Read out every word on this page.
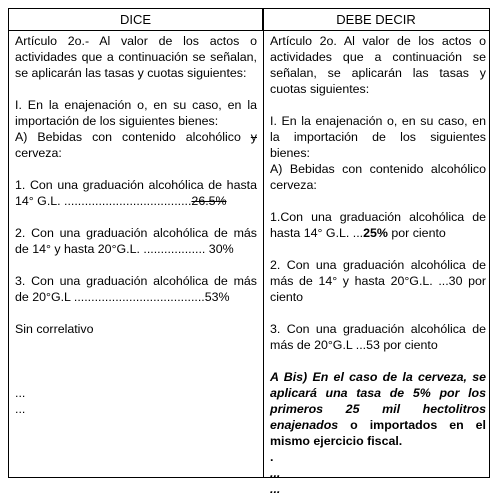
DICE	DEBE DECIR

Artículo 2o.- Al valor de los actos o actividades que a continuación se señalan, se aplicarán las tasas y cuotas siguientes:

I. En la enajenación o, en su caso, en la importación de los siguientes bienes:

A) Bebidas con contenido alcohólico y cerveza:

1. Con una graduación alcohólica de hasta 14° G.L. .....................................26.5%

2. Con una graduación alcohólica de más de 14° y hasta 20°G.L. .................. 30%

3. Con una graduación alcohólica de más de 20°G.L ......................................53%

Sin correlativo

...

...

Artículo 2o. Al valor de los actos o actividades que a continuación se señalan, se aplicarán las tasas y cuotas siguientes:

I. En la enajenación o, en su caso, en la importación de los siguientes bienes:

A) Bebidas con contenido alcohólico cerveza:

1.Con una graduación alcohólica de hasta 14° G.L. ...25% por ciento

2. Con una graduación alcohólica de más de 14° y hasta 20°G.L. ...30 por ciento

3. Con una graduación alcohólica de más de 20°G.L ...53 por ciento

A Bis) En el caso de la cerveza, se aplicará una tasa de 5% por los primeros 25 mil hectolitros enajenados o importados en el mismo ejercicio fiscal.

.

...

...
